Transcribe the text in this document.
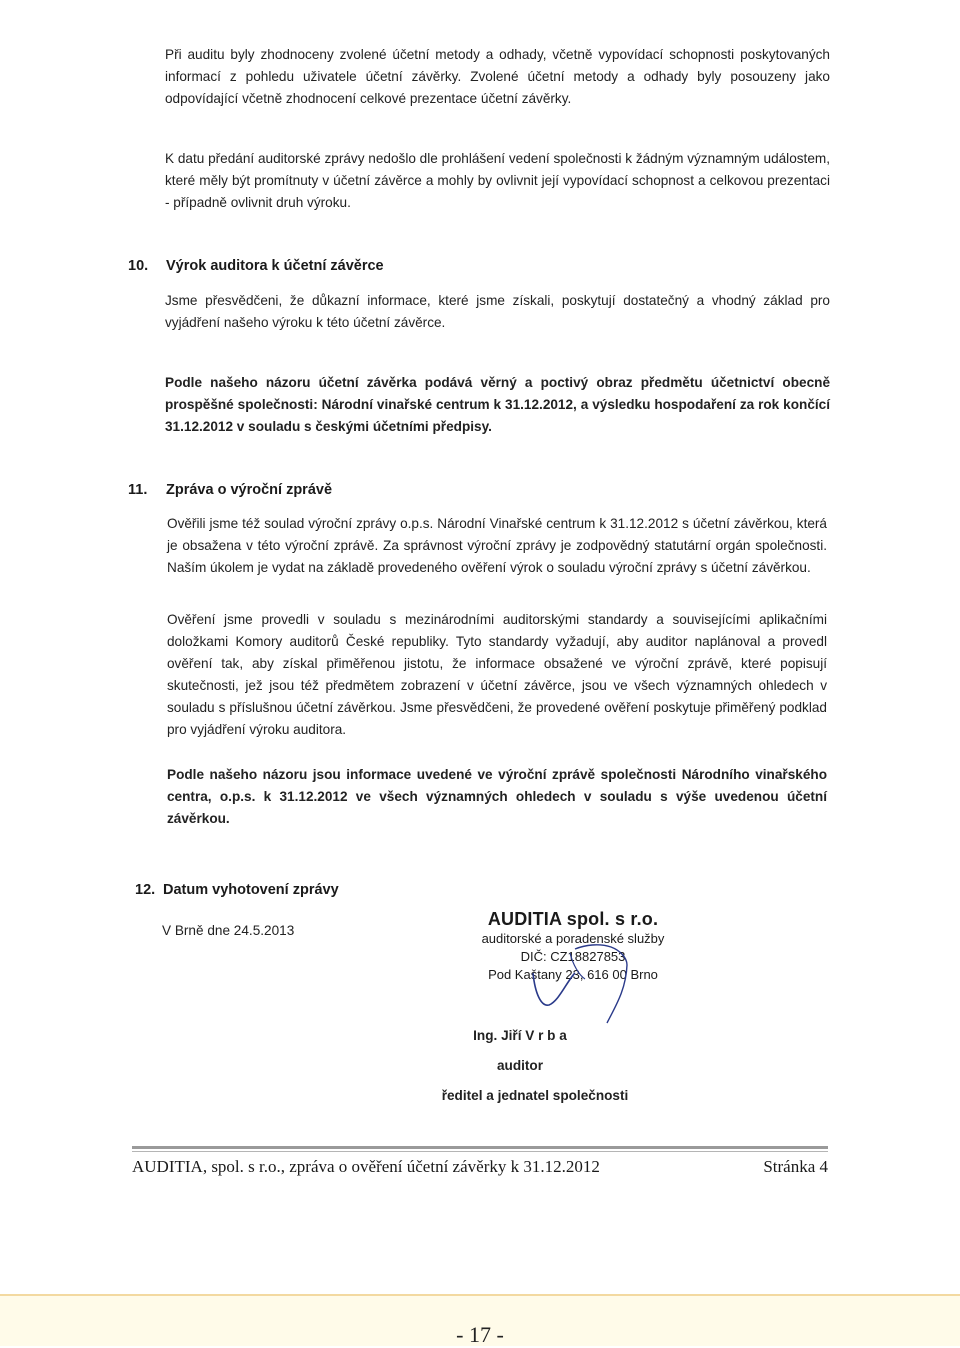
Při auditu byly zhodnoceny zvolené účetní metody a odhady, včetně vypovídací schopnosti poskytovaných informací z pohledu uživatele účetní závěrky. Zvolené účetní metody a odhady byly posouzeny jako odpovídající včetně zhodnocení celkové prezentace účetní závěrky.

K datu předání auditorské zprávy nedošlo dle prohlášení vedení společnosti k žádným významným událostem, které měly být promítnuty v účetní závěrce a mohly by ovlivnit její vypovídací schopnost a celkovou prezentaci - případně ovlivnit druh výroku.

10. Výrok auditora k účetní závěrce

Jsme přesvědčeni, že důkazní informace, které jsme získali, poskytují dostatečný a vhodný základ pro vyjádření našeho výroku k této účetní závěrce.

Podle našeho názoru účetní závěrka podává věrný a poctivý obraz předmětu účetnictví obecně prospěšné společnosti: Národní vinařské centrum k 31.12.2012, a výsledku hospodaření za rok končící 31.12.2012 v souladu s českými účetními předpisy.

11. Zpráva o výroční zprávě

Ověřili jsme též soulad výroční zprávy o.p.s. Národní Vinařské centrum k 31.12.2012 s účetní závěrkou, která je obsažena v této výroční zprávě. Za správnost výroční zprávy je zodpovědný statutární orgán společnosti. Naším úkolem je vydat na základě provedeného ověření výrok o souladu výroční zprávy s účetní závěrkou.

Ověření jsme provedli v souladu s mezinárodními auditorskými standardy a souvisejícími aplikačními doložkami Komory auditorů České republiky. Tyto standardy vyžadují, aby auditor naplánoval a provedl ověření tak, aby získal přiměřenou jistotu, že informace obsažené ve výroční zprávě, které popisují skutečnosti, jež jsou též předmětem zobrazení v účetní závěrce, jsou ve všech významných ohledech v souladu s příslušnou účetní závěrkou. Jsme přesvědčeni, že provedené ověření poskytuje přiměřený podklad pro vyjádření výroku auditora.

Podle našeho názoru jsou informace uvedené ve výroční zprávě společnosti Národního vinařského centra, o.p.s. k 31.12.2012 ve všech významných ohledech v souladu s výše uvedenou účetní závěrkou.

12. Datum vyhotovení zprávy

V Brně dne 24.5.2013

AUDITIA spol. s r.o.
auditorské a poradenské služby
DIČ: CZ18827853
Pod Kaštany 23, 616 00 Brno
Ing. Jiří V r b a
auditor
ředitel a jednatel společnosti
AUDITIA, spol. s r.o., zpráva o ověření účetní závěrky k 31.12.2012	Stránka 4
- 17 -
